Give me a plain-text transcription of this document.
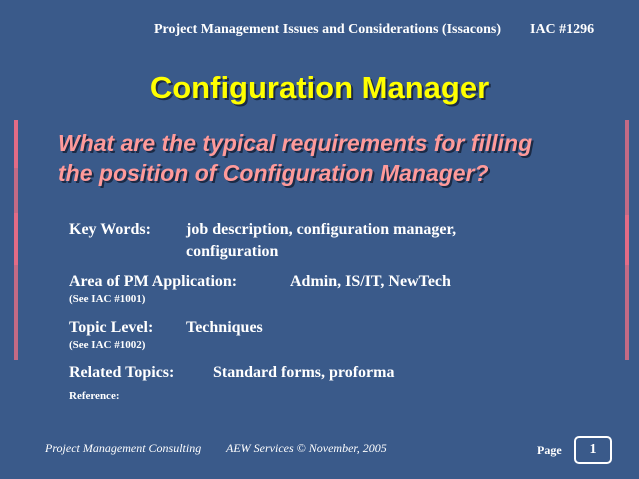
Project Management Issues and Considerations (Issacons) IAC #1296
Configuration Manager
What are the typical requirements for filling
the position of Configuration Manager?
Key Words: job description, configuration manager,
configuration
Area of PM Application:	Admin, IS/IT, NewTech
(See IAC #1001)
Topic Level: Techniques
(See IAC #1002)
Related Topics: Standard forms, proforma
Reference:
Project Management Consulting AEW Services © November, 2005	Page	1
